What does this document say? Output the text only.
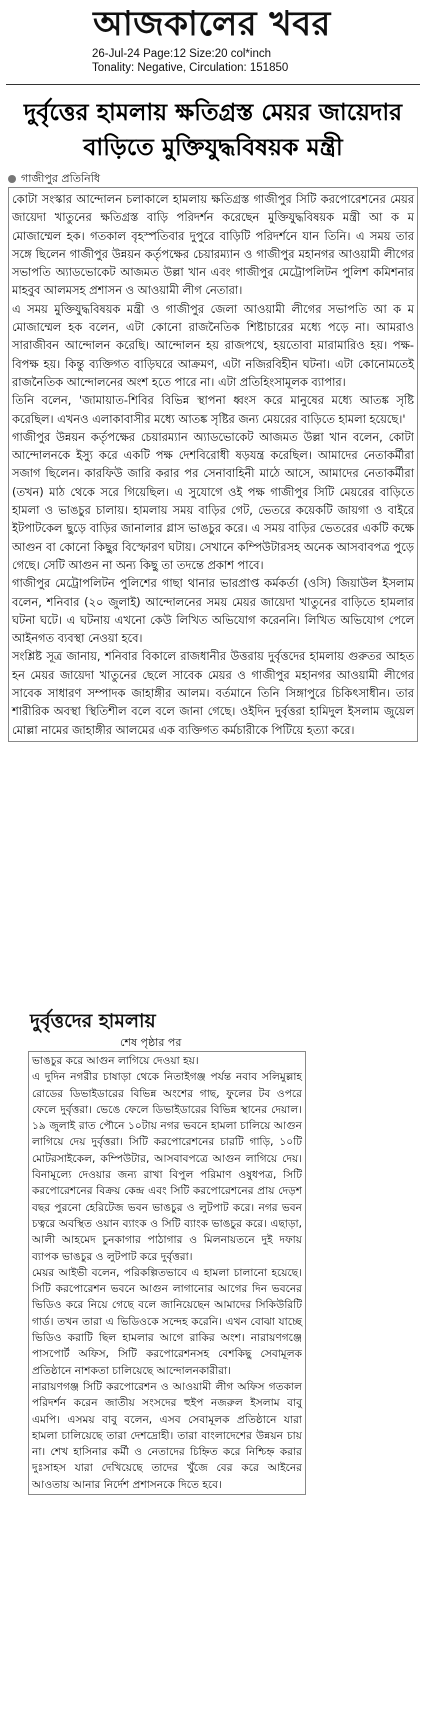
আজকালের খবর
26-Jul-24 Page:12 Size:20 col*inch
Tonality: Negative, Circulation: 151850
দুর্বৃত্তের হামলায় ক্ষতিগ্রস্ত মেয়র জায়েদার
বাড়িতে মুক্তিযুদ্ধবিষয়ক মন্ত্রী
গাজীপুর প্রতিনিধি

কোটা সংস্কার আন্দোলন চলাকালে হামলায় ক্ষতিগ্রস্ত গাজীপুর সিটি করপোরেশনের মেয়র জায়েদা খাতুনের ক্ষতিগ্রস্ত বাড়ি পরিদর্শন করেছেন মুক্তিযুদ্ধবিষয়ক মন্ত্রী আ ক ম মোজাম্মেল হক। গতকাল বৃহস্পতিবার দুপুরে বাড়িটি পরিদর্শনে যান তিনি। এ সময় তার সঙ্গে ছিলেন গাজীপুর উন্নয়ন কর্তৃপক্ষের চেয়ারম্যান ও গাজীপুর মহানগর আওয়ামী লীগের সভাপতি অ্যাডভোকেট আজমত উল্লা খান এবং গাজীপুর মেট্রোপলিটন পুলিশ কমিশনার মাহবুব আলমসহ প্রশাসন ও আওয়ামী লীগ নেতারা।

এ সময় মুক্তিযুদ্ধবিষয়ক মন্ত্রী ও গাজীপুর জেলা আওয়ামী লীগের সভাপতি আ ক ম মোজাম্মেল হক বলেন, এটা কোনো রাজনৈতিক শিষ্টাচারের মধ্যে পড়ে না। আমরাও সারাজীবন আন্দোলন করেছি। আন্দোলন হয় রাজপথে, হয়তোবা মারামারিও হয়। পক্ষ-বিপক্ষ হয়। কিন্তু ব্যক্তিগত বাড়িঘরে আক্রমণ, এটা নজিরবিহীন ঘটনা। এটা কোনোমতেই রাজনৈতিক আন্দোলনের অংশ হতে পারে না। এটা প্রতিহিংসামূলক ব্যাপার।

তিনি বলেন, 'জামায়াত-শিবির বিভিন্ন স্থাপনা ধ্বংস করে মানুষের মধ্যে আতঙ্ক সৃষ্টি করেছিল। এখনও এলাকাবাসীর মধ্যে আতঙ্ক সৃষ্টির জন্য মেয়রের বাড়িতে হামলা হয়েছে।'

গাজীপুর উন্নয়ন কর্তৃপক্ষের চেয়ারম্যান অ্যাডভোকেট আজমত উল্লা খান বলেন, কোটা আন্দোলনকে ইস্যু করে একটি পক্ষ দেশবিরোধী ষড়যন্ত্র করেছিল। আমাদের নেতাকর্মীরা সজাগ ছিলেন। কারফিউ জারি করার পর সেনাবাহিনী মাঠে আসে, আমাদের নেতাকর্মীরা (তখন) মাঠ থেকে সরে গিয়েছিল। এ সুযোগে ওই পক্ষ গাজীপুর সিটি মেয়রের বাড়িতে হামলা ও ভাঙচুর চালায়। হামলায় সময় বাড়ির গেট, ভেতরে কয়েকটি জায়গা ও বাইরে ইটপাটকেল ছুড়ে বাড়ির জানালার গ্লাস ভাঙচুর করে। এ সময় বাড়ির ভেতরের একটি কক্ষে আগুন বা কোনো কিছুর বিস্ফোরণ ঘটায়। সেখানে কম্পিউটারসহ অনেক আসবাবপত্র পুড়ে গেছে। সেটি আগুন না অন্য কিছু তা তদন্তে প্রকাশ পাবে।

গাজীপুর মেট্রোপলিটন পুলিশের গাছা থানার ভারপ্রাপ্ত কর্মকর্তা (ওসি) জিয়াউল ইসলাম বলেন, শনিবার (২০ জুলাই) আন্দোলনের সময় মেয়র জায়েদা খাতুনের বাড়িতে হামলার ঘটনা ঘটে। এ ঘটনায় এখনো কেউ লিখিত অভিযোগ করেননি। লিখিত অভিযোগ পেলে আইনগত ব্যবস্থা নেওয়া হবে।

সংশ্লিষ্ট সূত্র জানায়, শনিবার বিকালে রাজধানীর উত্তরায় দুর্বৃত্তদের হামলায় গুরুতর আহত হন মেয়র জায়েদা খাতুনের ছেলে সাবেক মেয়র ও গাজীপুর মহানগর আওয়ামী লীগের সাবেক সাধারণ সম্পাদক জাহাঙ্গীর আলম। বর্তমানে তিনি সিঙ্গাপুরে চিকিৎসাধীন। তার শারীরিক অবস্থা স্থিতিশীল বলে বলে জানা গেছে। ওইদিন দুর্বৃত্তরা হামিদুল ইসলাম জুয়েল মোল্লা নামের জাহাঙ্গীর আলমের এক ব্যক্তিগত কর্মচারীকে পিটিয়ে হত্যা করে।

দুর্বৃত্তদের হামলায়
শেষ পৃষ্ঠার পর

ভাঙচুর করে আগুন লাগিয়ে দেওয়া হয়।

এ দুদিন নগরীর চাষাড়া থেকে নিতাইগঞ্জ পর্যন্ত নবাব সলিমুল্লাহ রোডের ডিভাইডারের বিভিন্ন অংশের গাছ, ফুলের টব ওপরে ফেলে দুর্বৃত্তরা। ভেঙে ফেলে ডিভাইডারের বিভিন্ন স্থানের দেয়াল। ১৯ জুলাই রাত পৌনে ১০টায় নগর ভবনে হামলা চালিয়ে আগুন লাগিয়ে দেয় দুর্বৃত্তরা। সিটি করপোরেশনের চারটি গাড়ি, ১০টি মোটরসাইকেল, কম্পিউটার, আসবাবপত্রে আগুন লাগিয়ে দেয়। বিনামূল্যে দেওয়ার জন্য রাখা বিপুল পরিমাণ ওষুধপত্র, সিটি করপোরেশনের বিক্রয় কেন্দ্র এবং সিটি করপোরেশনের প্রায় দেড়শ বছর পুরনো হেরিটেজ ভবন ভাঙচুর ও লুটপাট করে। নগর ভবন চত্বরে অবস্থিত ওয়ান ব্যাংক ও সিটি ব্যাংক ভাঙচুর করে। এছাড়া, আলী আহমেদ চুনকাগার পাঠাগার ও মিলনায়তনে দুই দফায় ব্যাপক ভাঙচুর ও লুটপাট করে দুর্বৃত্তরা।

মেয়র আইভী বলেন, পরিকল্পিতভাবে এ হামলা চালানো হয়েছে। সিটি করপোরেশন ভবনে আগুন লাগানোর আগের দিন ভবনের ভিডিও করে নিয়ে গেছে বলে জানিয়েছেন আমাদের সিকিউরিটি গার্ড। তখন তারা এ ভিডিওকে সন্দেহ করেনি। এখন বোঝা যাচ্ছে ভিডিও করাটি ছিল হামলার আগে রাকির অংশ। নারায়ণগঞ্জে পাসপোর্ট অফিস, সিটি করপোরেশনসহ বেশকিছু সেবামূলক প্রতিষ্ঠানে নাশকতা চালিয়েছে আন্দোলনকারীরা।

নারায়ণগঞ্জ সিটি করপোরেশন ও আওয়ামী লীগ অফিস গতকাল পরিদর্শন করেন জাতীয় সংসদের হুইপ নজরুল ইসলাম বাবু এমপি। এসময় বাবু বলেন, এসব সেবামূলক প্রতিষ্ঠানে যারা হামলা চালিয়েছে তারা দেশদ্রোহী। তারা বাংলাদেশের উন্নয়ন চায় না। শেখ হাসিনার কর্মী ও নেতাদের চিহ্নিত করে নিশ্চিহ্ন করার দুঃসাহস যারা দেখিয়েছে তাদের খুঁজে বের করে আইনের আওতায় আনার নির্দেশ প্রশাসনকে দিতে হবে।
